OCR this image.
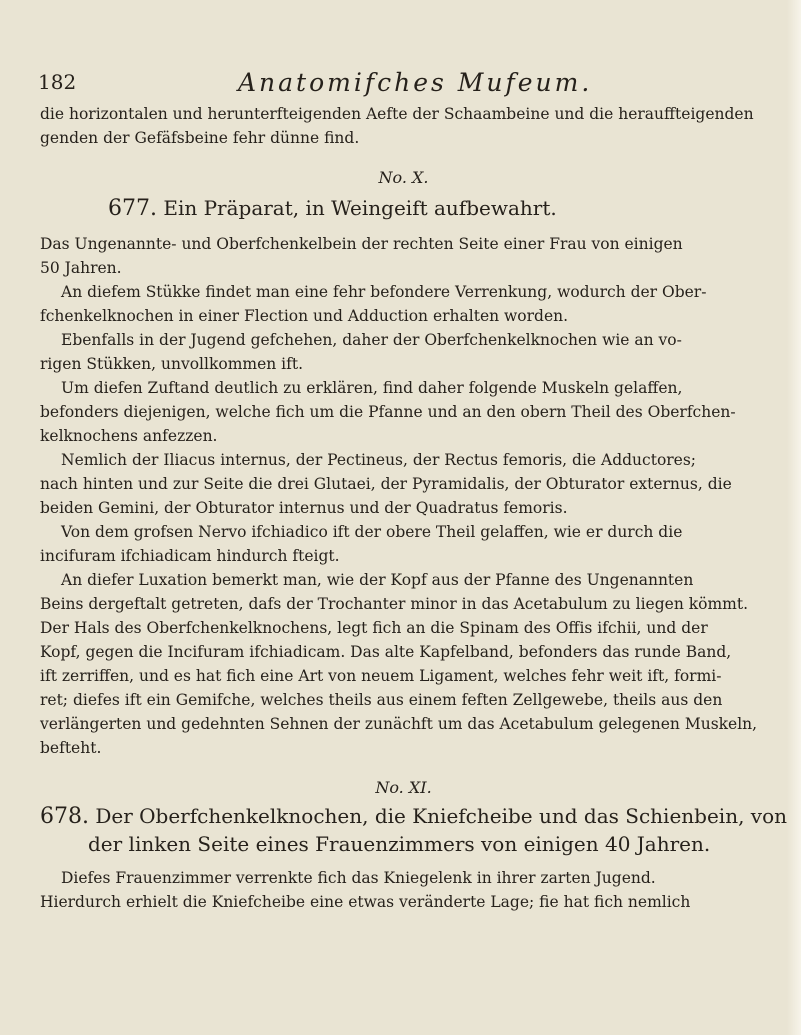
182	Anatomifches Mufeum.
die horizontalen und herunterfteigenden Aefte der Schaambeine und die herauffteigenden
genden der Gefäfsbeine fehr dünne find.
No. X.
677. Ein Präparat, in Weingeift aufbewahrt.
Das Ungenannte- und Oberfchenkelbein der rechten Seite einer Frau von einigen
50 Jahren.
An diefem Stükke findet man eine fehr befondere Verrenkung, wodurch der Ober-
fchenkelknochen in einer Flection und Adduction erhalten worden.
Ebenfalls in der Jugend gefchehen, daher der Oberfchenkelknochen wie an vo-
rigen Stükken, unvollkommen ift.
Um diefen Zuftand deutlich zu erklären, find daher folgende Muskeln gelaffen,
befonders diejenigen, welche fich um die Pfanne und an den obern Theil des Oberfchen-
kelknochens anfezzen.
Nemlich der Iliacus internus, der Pectineus, der Rectus femoris, die Adductores;
nach hinten und zur Seite die drei Glutaei, der Pyramidalis, der Obturator externus, die
beiden Gemini, der Obturator internus und der Quadratus femoris.
Von dem grofsen Nervo ifchiadico ift der obere Theil gelaffen, wie er durch die
incifuram ifchiadicam hindurch fteigt.
An diefer Luxation bemerkt man, wie der Kopf aus der Pfanne des Ungenannten
Beins dergeftalt getreten, dafs der Trochanter minor in das Acetabulum zu liegen kömmt.
Der Hals des Oberfchenkelknochens, legt fich an die Spinam des Offis ifchii, und der
Kopf, gegen die Incifuram ifchiadicam. Das alte Kapfelband, befonders das runde Band,
ift zerriffen, und es hat fich eine Art von neuem Ligament, welches fehr weit ift, formi-
ret; diefes ift ein Gemifche, welches theils aus einem feften Zellgewebe, theils aus den
verlängerten und gedehnten Sehnen der zunächft um das Acetabulum gelegenen Muskeln,
befteht.
No. XI.
678. Der Oberfchenkelknochen, die Kniefcheibe und das Schienbein, von
der linken Seite eines Frauenzimmers von einigen 40 Jahren.
Diefes Frauenzimmer verrenkte fich das Kniegelenk in ihrer zarten Jugend.
Hierdurch erhielt die Kniefcheibe eine etwas veränderte Lage; fie hat fich nemlich
